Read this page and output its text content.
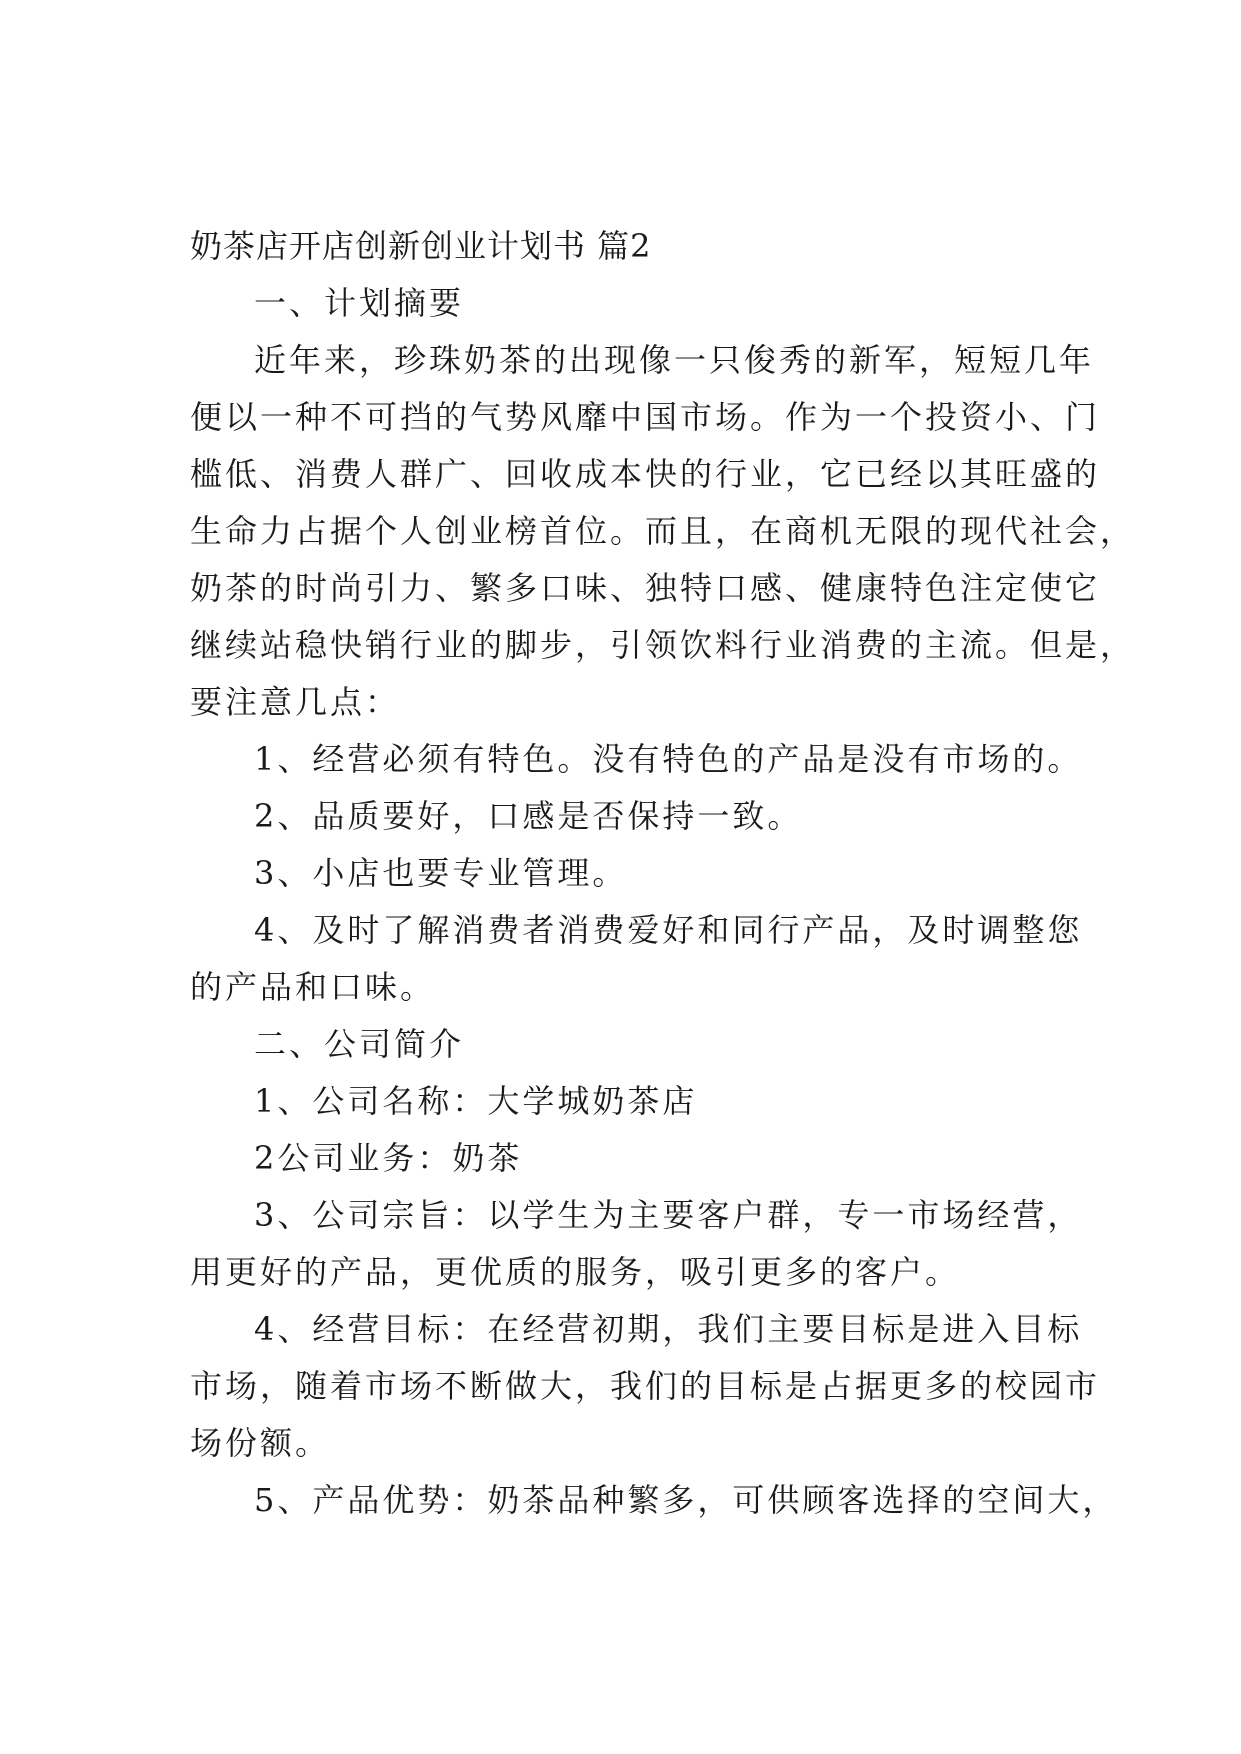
奶茶店开店创新创业计划书 篇2
一、计划摘要
近年来，珍珠奶茶的出现像一只俊秀的新军，短短几年
便以一种不可挡的气势风靡中国市场。作为一个投资小、门
槛低、消费人群广、回收成本快的行业，它已经以其旺盛的
生命力占据个人创业榜首位。而且，在商机无限的现代社会，
奶茶的时尚引力、繁多口味、独特口感、健康特色注定使它
继续站稳快销行业的脚步，引领饮料行业消费的主流。但是，
要注意几点：
1、经营必须有特色。没有特色的产品是没有市场的。
2、品质要好，口感是否保持一致。
3、小店也要专业管理。
4、及时了解消费者消费爱好和同行产品，及时调整您
的产品和口味。
二、公司简介
1、公司名称：大学城奶茶店
2公司业务：奶茶
3、公司宗旨：以学生为主要客户群，专一市场经营，
用更好的产品，更优质的服务，吸引更多的客户。
4、经营目标：在经营初期，我们主要目标是进入目标
市场，随着市场不断做大，我们的目标是占据更多的校园市
场份额。
5、产品优势：奶茶品种繁多，可供顾客选择的空间大，
